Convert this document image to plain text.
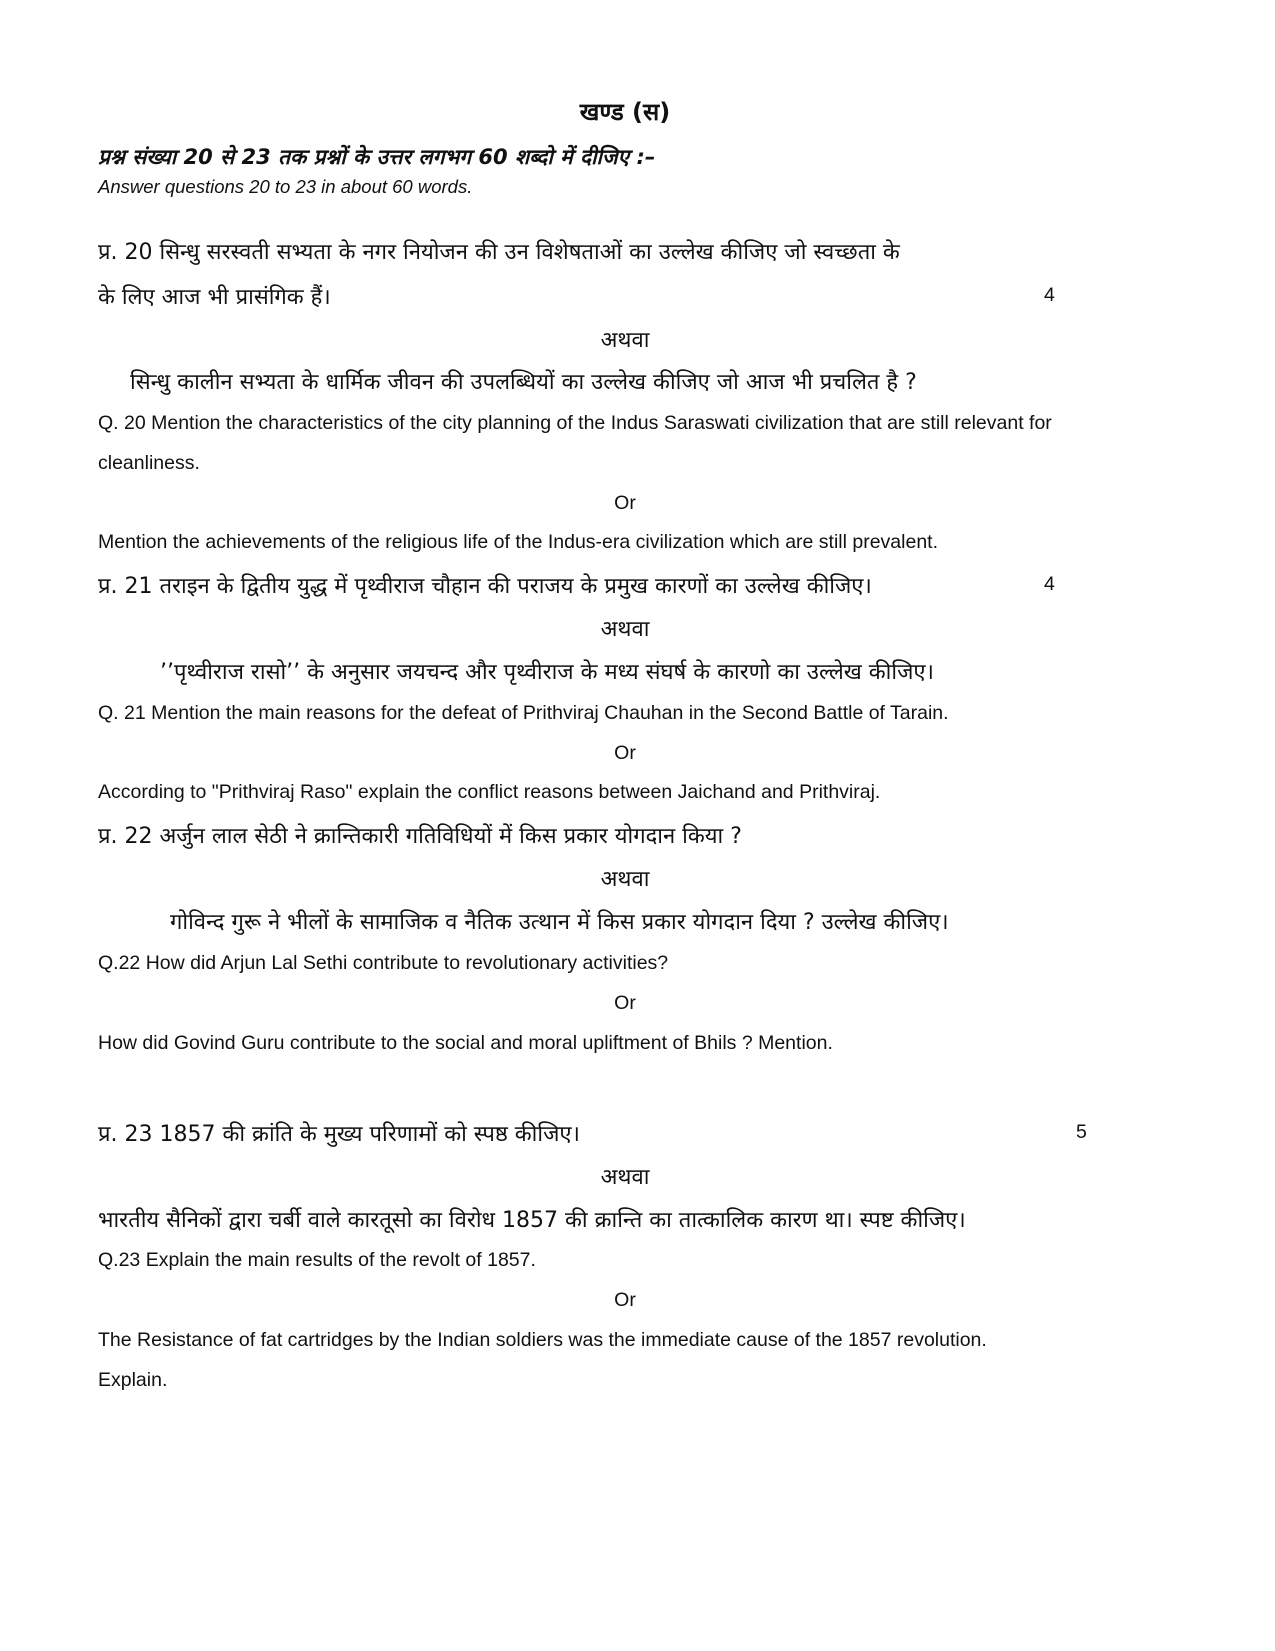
खण्ड (स)
प्रश्न संख्या 20 से 23 तक प्रश्नों के उत्तर लगभग 60 शब्दो में दीजिए :–
Answer questions 20 to 23 in about 60 words.
प्र. 20 सिन्धु सरस्वती सभ्यता के नगर नियोजन की उन विशेषताओं का उल्लेख कीजिए जो स्वच्छता के
के लिए आज भी प्रासंगिक हैं।	4
अथवा
सिन्धु कालीन सभ्यता के धार्मिक जीवन की उपलब्धियों का उल्लेख कीजिए जो आज भी प्रचलित है ?
Q. 20 Mention the characteristics of the city planning of the Indus Saraswati civilization that are still relevant for
cleanliness.
Or
Mention the achievements of the religious life of the Indus-era civilization which are still prevalent.
प्र. 21 तराइन के द्वितीय युद्ध में पृथ्वीराज चौहान की पराजय के प्रमुख कारणों का उल्लेख कीजिए।	4
अथवा
’’पृथ्वीराज रासो’’ के अनुसार जयचन्द और पृथ्वीराज के मध्य संघर्ष के कारणो का उल्लेख कीजिए।
Q. 21 Mention the main reasons for the defeat of Prithviraj Chauhan in the Second Battle of Tarain.
Or
According to "Prithviraj Raso" explain the conflict reasons between Jaichand and Prithviraj.
प्र. 22 अर्जुन लाल सेठी ने क्रान्तिकारी गतिविधियों में किस प्रकार योगदान किया ?
अथवा
गोविन्द गुरू ने भीलों के सामाजिक व नैतिक उत्थान में किस प्रकार योगदान दिया ? उल्लेख कीजिए।
Q.22 How did Arjun Lal Sethi contribute to revolutionary activities?
Or
How did Govind Guru contribute to the social and moral upliftment of Bhils ? Mention.
प्र. 23 1857 की क्रांति के मुख्य परिणामों को स्पष्ठ कीजिए।	5
अथवा
भारतीय सैनिकों द्वारा चर्बी वाले कारतूसो का विरोध 1857 की क्रान्ति का तात्कालिक कारण था। स्पष्ट कीजिए।
Q.23 Explain the main results of the revolt of 1857.
Or
The Resistance of fat cartridges by the Indian soldiers was the immediate cause of the 1857 revolution.
Explain.
